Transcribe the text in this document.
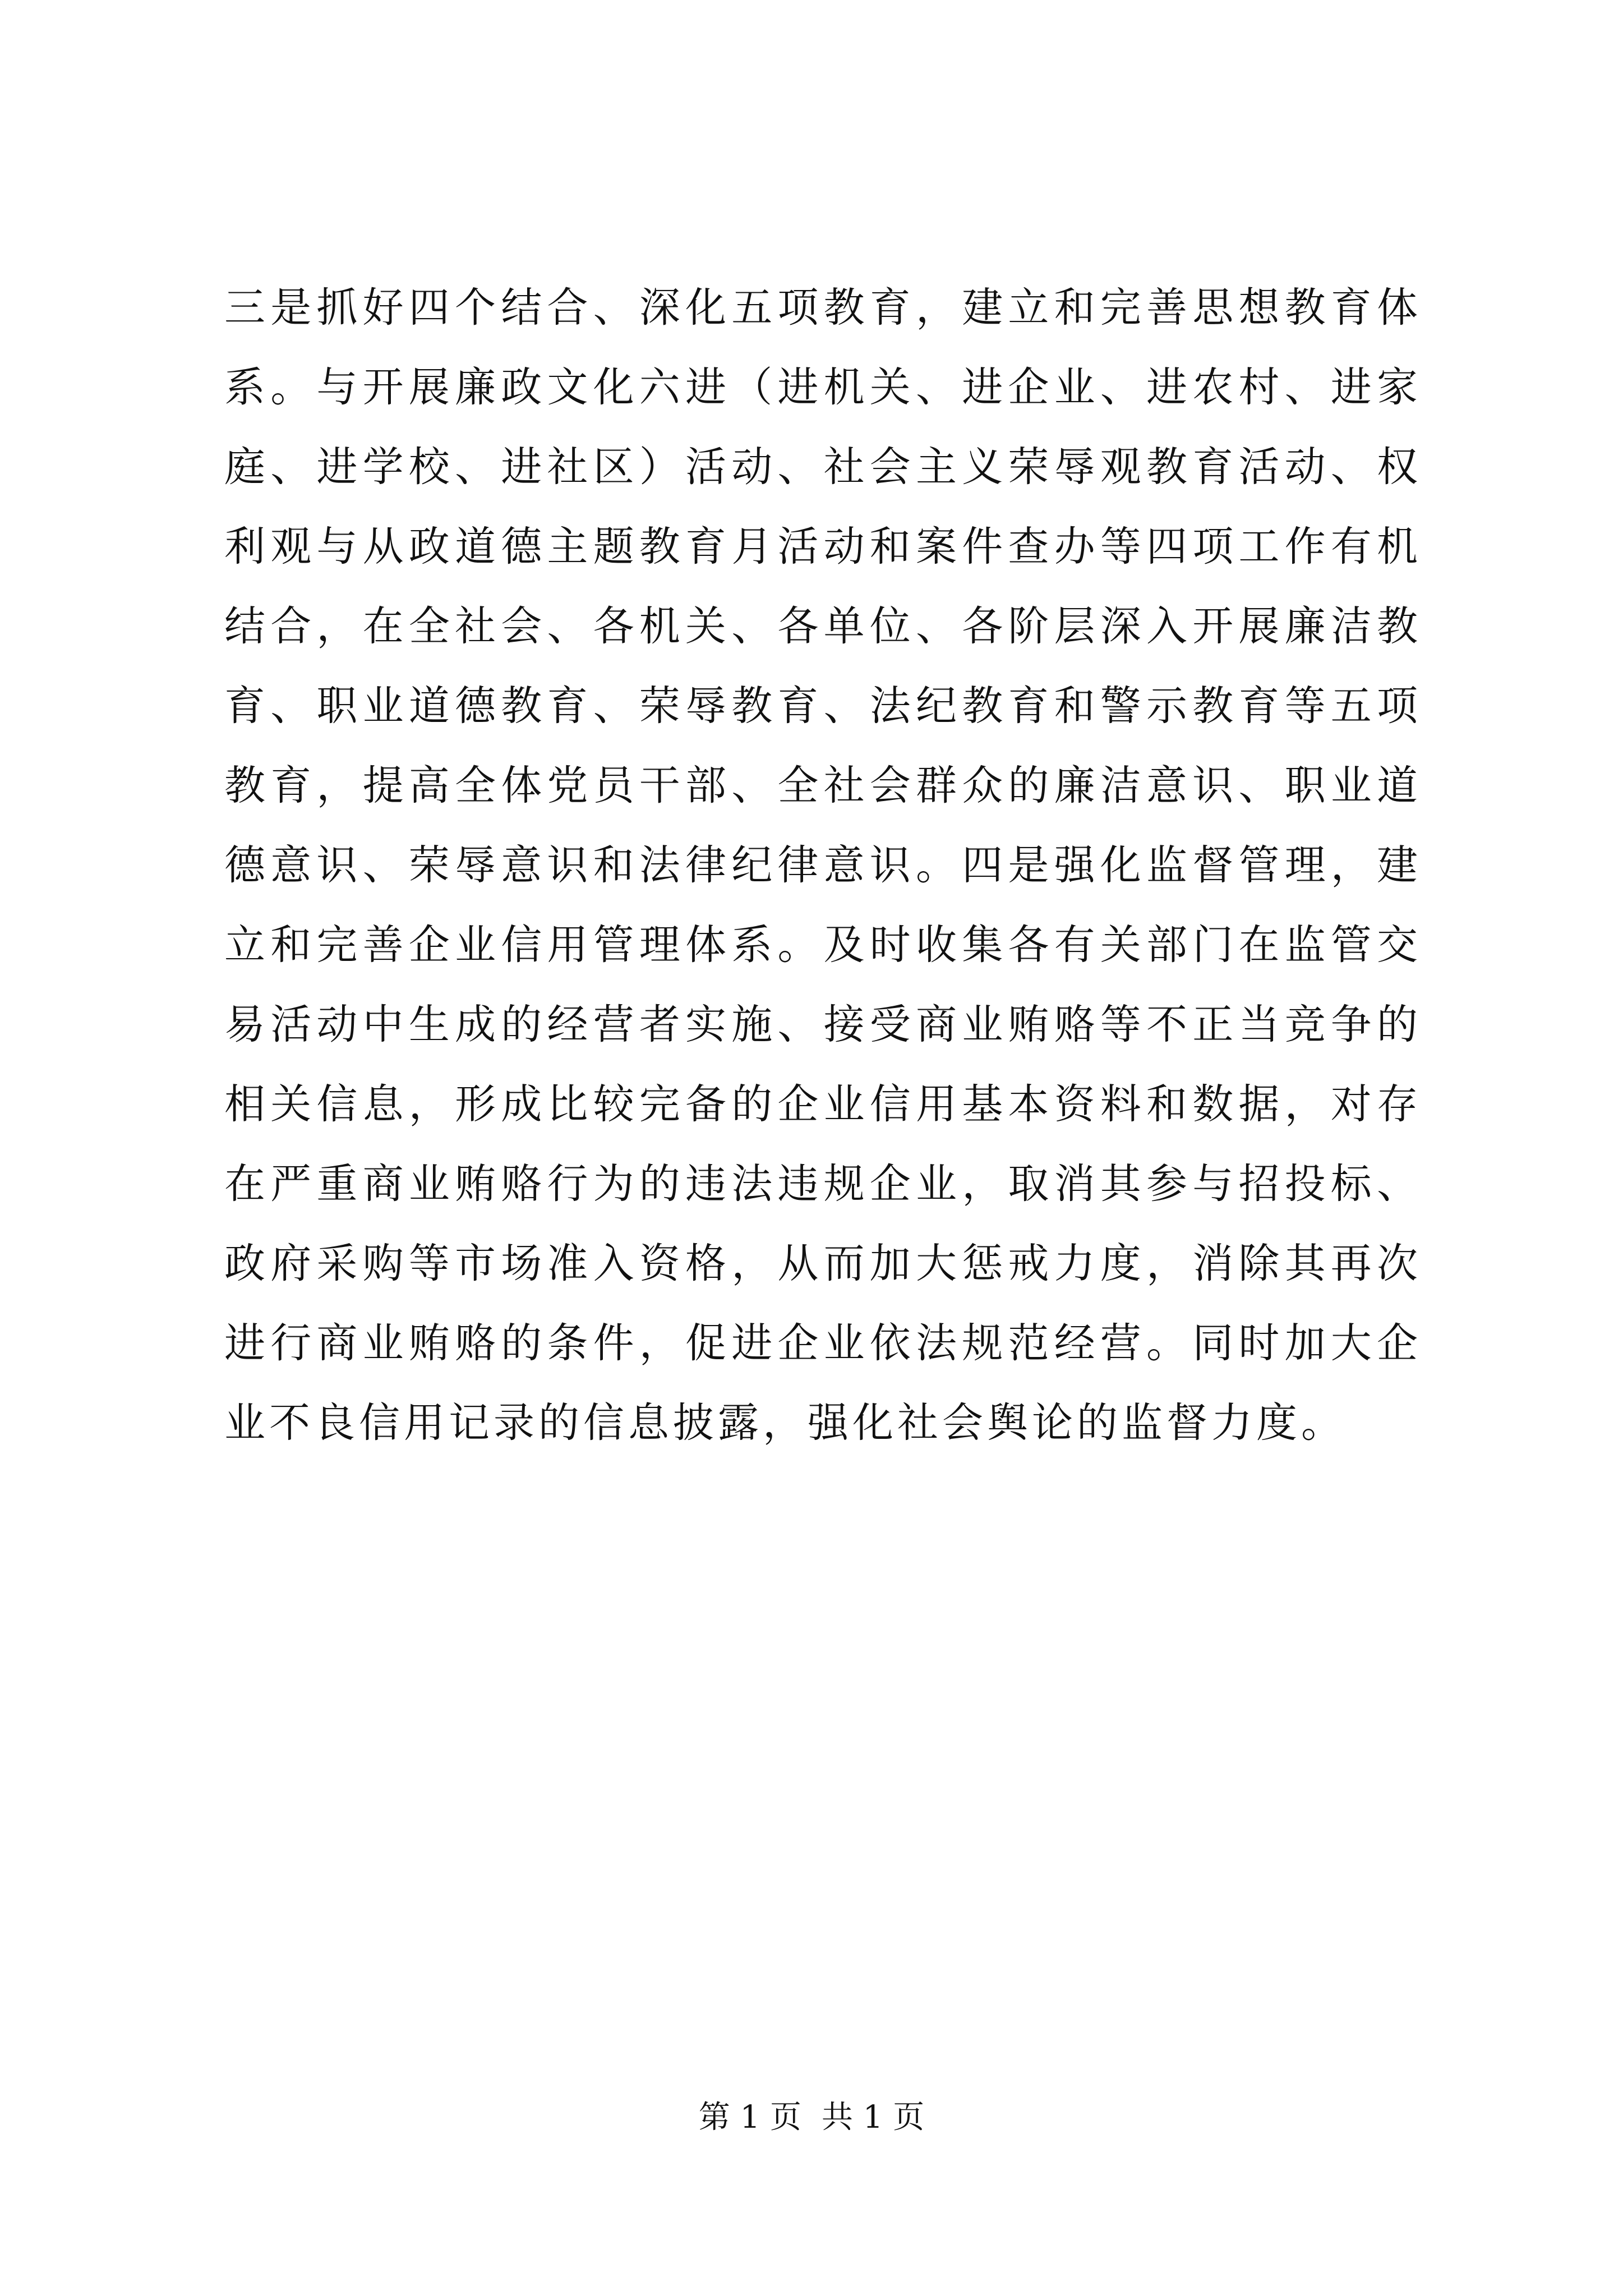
三是抓好四个结合、深化五项教育，建立和完善思想教育体系。与开展廉政文化六进（进机关、进企业、进农村、进家庭、进学校、进社区）活动、社会主义荣辱观教育活动、权利观与从政道德主题教育月活动和案件查办等四项工作有机结合，在全社会、各机关、各单位、各阶层深入开展廉洁教育、职业道德教育、荣辱教育、法纪教育和警示教育等五项教育，提高全体党员干部、全社会群众的廉洁意识、职业道德意识、荣辱意识和法律纪律意识。四是强化监督管理，建立和完善企业信用管理体系。及时收集各有关部门在监管交易活动中生成的经营者实施、接受商业贿赂等不正当竞争的相关信息，形成比较完备的企业信用基本资料和数据，对存在严重商业贿赂行为的违法违规企业，取消其参与招投标、政府采购等市场准入资格，从而加大惩戒力度，消除其再次进行商业贿赂的条件，促进企业依法规范经营。同时加大企业不良信用记录的信息披露，强化社会舆论的监督力度。

第 1 页 共 1 页
